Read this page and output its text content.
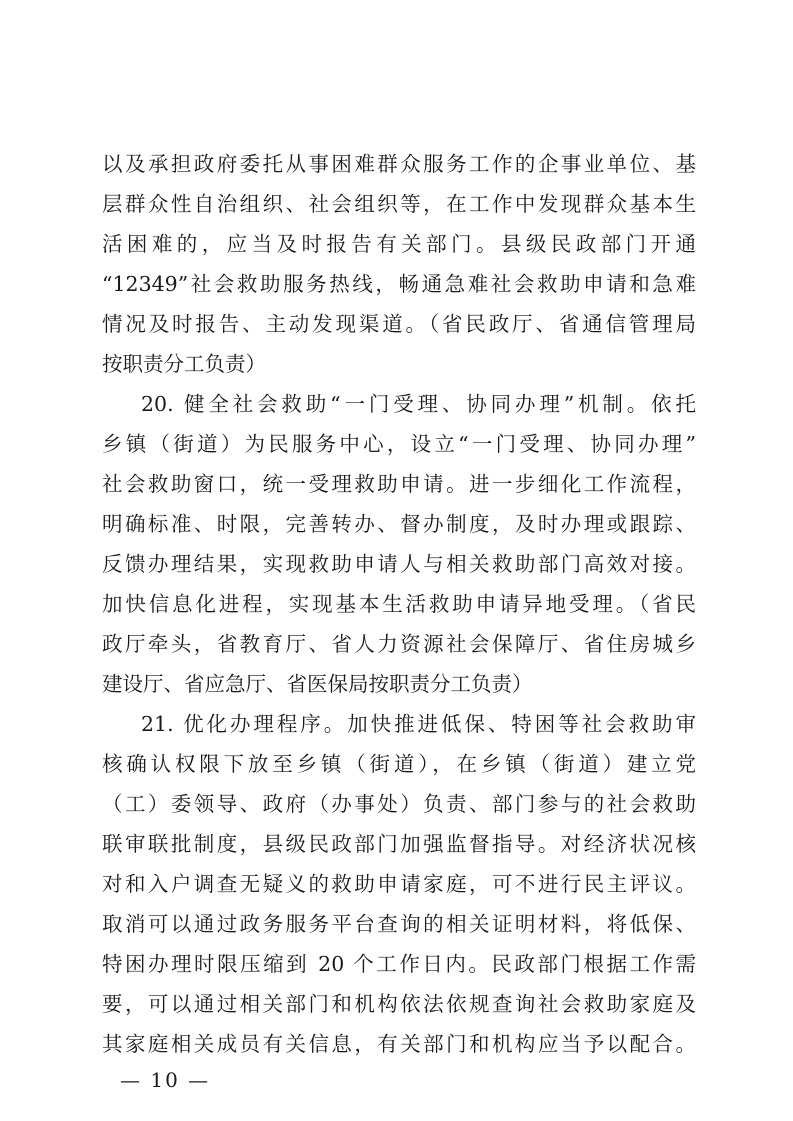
以及承担政府委托从事困难群众服务工作的企事业单位、基
层群众性自治组织、社会组织等，在工作中发现群众基本生
活困难的，应当及时报告有关部门。县级民政部门开通
“12349”社会救助服务热线，畅通急难社会救助申请和急难
情况及时报告、主动发现渠道。（省民政厅、省通信管理局
按职责分工负责）
20. 健全社会救助“一门受理、协同办理”机制。依托
乡镇（街道）为民服务中心，设立“一门受理、协同办理”
社会救助窗口，统一受理救助申请。进一步细化工作流程，
明确标准、时限，完善转办、督办制度，及时办理或跟踪、
反馈办理结果，实现救助申请人与相关救助部门高效对接。
加快信息化进程，实现基本生活救助申请异地受理。（省民
政厅牵头，省教育厅、省人力资源社会保障厅、省住房城乡
建设厅、省应急厅、省医保局按职责分工负责）
21. 优化办理程序。加快推进低保、特困等社会救助审
核确认权限下放至乡镇（街道），在乡镇（街道）建立党
（工）委领导、政府（办事处）负责、部门参与的社会救助
联审联批制度，县级民政部门加强监督指导。对经济状况核
对和入户调查无疑义的救助申请家庭，可不进行民主评议。
取消可以通过政务服务平台查询的相关证明材料，将低保、
特困办理时限压缩到 20 个工作日内。民政部门根据工作需
要，可以通过相关部门和机构依法依规查询社会救助家庭及
— 10 —
其家庭相关成员有关信息，有关部门和机构应当予以配合。
